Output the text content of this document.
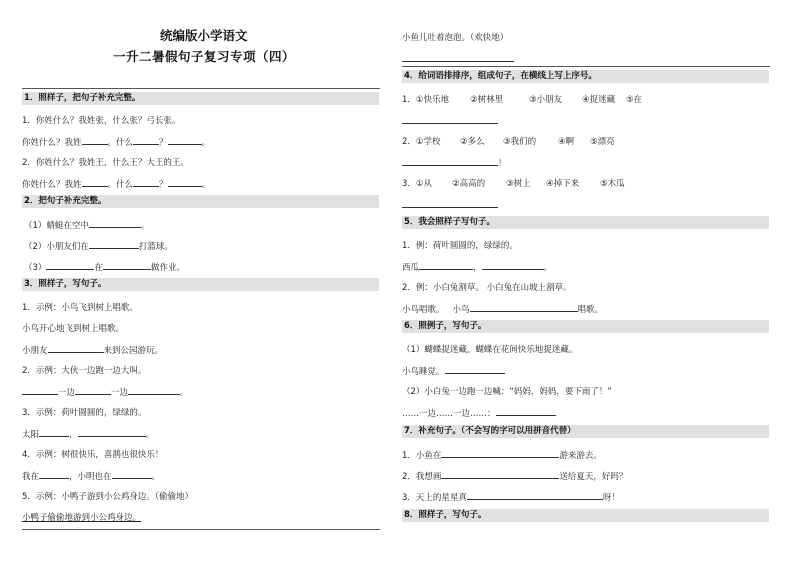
统编版小学语文
一升二暑假句子复习专项（四）
1．照样子，把句子补充完整。
1．你姓什么？我姓张，什么张？弓长张。
你姓什么？我姓	。什么	？	。
2．你姓什么？我姓王，什么王？大王的王。
你姓什么？我姓	。什么	？	。
2．把句子补充完整。
（1）蜻蜓在空中	。
（2）小朋友们在	打篮球。
（3）	在	做作业。
3．照样子，写句子。
1．示例：小鸟飞到树上唱歌。
小鸟开心地飞到树上唱歌。
小朋友	来到公园游玩。
2．示例：大伙一边跑一边大叫。
一边	一边	。
3．示例：荷叶圆圆的，绿绿的。
太阳	，	。
4．示例：树很快乐，喜鹊也很快乐！
我在	，小明也在	。
5．示例：小鸭子游到小公鸡身边。（偷偷地）
小鸭子偷偷地游到小公鸡身边。
小鱼儿吐着泡泡。（欢快地）
4．给词语排排序，组成句子，在横线上写上序号。
1．①快乐地 ②树林里	③小朋友 ④捉迷藏 ⑤在
2．①学校 ②多么 ③我们的	④啊 ⑤漂亮
！
3．①从 ②高高的 ③树上 ④掉下来 ⑤木瓜
5．我会照样子写句子。
1．例：荷叶圆圆的，绿绿的。
西瓜	，	。
2．例：小白兔割草。 小白兔在山坡上割草。
小鸟唱歌。 小鸟	唱歌。
6．照例子，写句子。
（1）蝴蝶捉迷藏。蝴蝶在花间快乐地捉迷藏。
小鸟睡觉。
（2）小白兔一边跑一边喊：“妈妈，妈妈，要下雨了！”
……一边……一边……：
7．补充句子。（不会写的字可以用拼音代替）
1．小鱼在	游来游去。
2．我想画	送给夏天，好吗？
3．天上的星星真	呀！
8．照样子，写句子。
